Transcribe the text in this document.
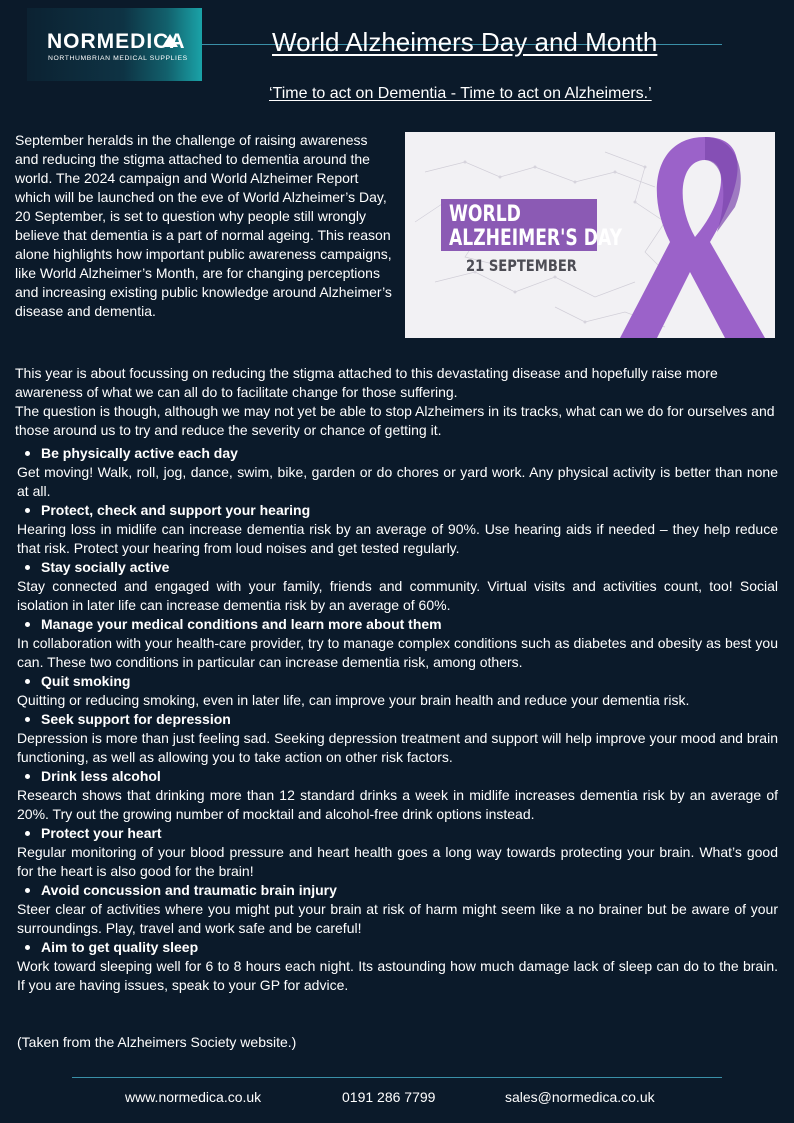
NORMEDICA
NORTHUMBRIAN MEDICAL SUPPLIES
World Alzheimers Day and Month
‘Time to act on Dementia - Time to act on Alzheimers.’
September heralds in the challenge of raising awareness and reducing the stigma attached to dementia around the world. The 2024 campaign and World Alzheimer Report which will be launched on the eve of World Alzheimer’s Day, 20 September, is set to question why people still wrongly believe that dementia is a part of normal ageing. This reason alone highlights how important public awareness campaigns, like World Alzheimer’s Month, are for changing perceptions and increasing existing public knowledge around Alzheimer’s disease and dementia.
WORLD
ALZHEIMER'S DAY
21 SEPTEMBER

This year is about focussing on reducing the stigma attached to this devastating disease and hopefully raise more awareness of what we can all do to facilitate change for those suffering.

The question is though, although we may not yet be able to stop Alzheimers in its tracks, what can we do for ourselves and those around us to try and reduce the severity or chance of getting it.

Be physically active each day
Get moving! Walk, roll, jog, dance, swim, bike, garden or do chores or yard work. Any physical activity is better than none at all.
Protect, check and support your hearing
Hearing loss in midlife can increase dementia risk by an average of 90%. Use hearing aids if needed – they help reduce that risk. Protect your hearing from loud noises and get tested regularly.
Stay socially active
Stay connected and engaged with your family, friends and community. Virtual visits and activities count, too! Social isolation in later life can increase dementia risk by an average of 60%.
Manage your medical conditions and learn more about them
In collaboration with your health-care provider, try to manage complex conditions such as diabetes and obesity as best you can. These two conditions in particular can increase dementia risk, among others.
Quit smoking
Quitting or reducing smoking, even in later life, can improve your brain health and reduce your dementia risk.
Seek support for depression
Depression is more than just feeling sad. Seeking depression treatment and support will help improve your mood and brain functioning, as well as allowing you to take action on other risk factors.
Drink less alcohol
Research shows that drinking more than 12 standard drinks a week in midlife increases dementia risk by an average of 20%. Try out the growing number of mocktail and alcohol-free drink options instead.
Protect your heart
Regular monitoring of your blood pressure and heart health goes a long way towards protecting your brain. What’s good for the heart is also good for the brain!
Avoid concussion and traumatic brain injury
Steer clear of activities where you might put your brain at risk of harm might seem like a no brainer but be aware of your surroundings. Play, travel and work safe and be careful!
Aim to get quality sleep
Work toward sleeping well for 6 to 8 hours each night. Its astounding how much damage lack of sleep can do to the brain. If you are having issues, speak to your GP for advice.
(Taken from the Alzheimers Society website.)
www.normedica.co.uk	0191 286 7799	sales@normedica.co.uk
